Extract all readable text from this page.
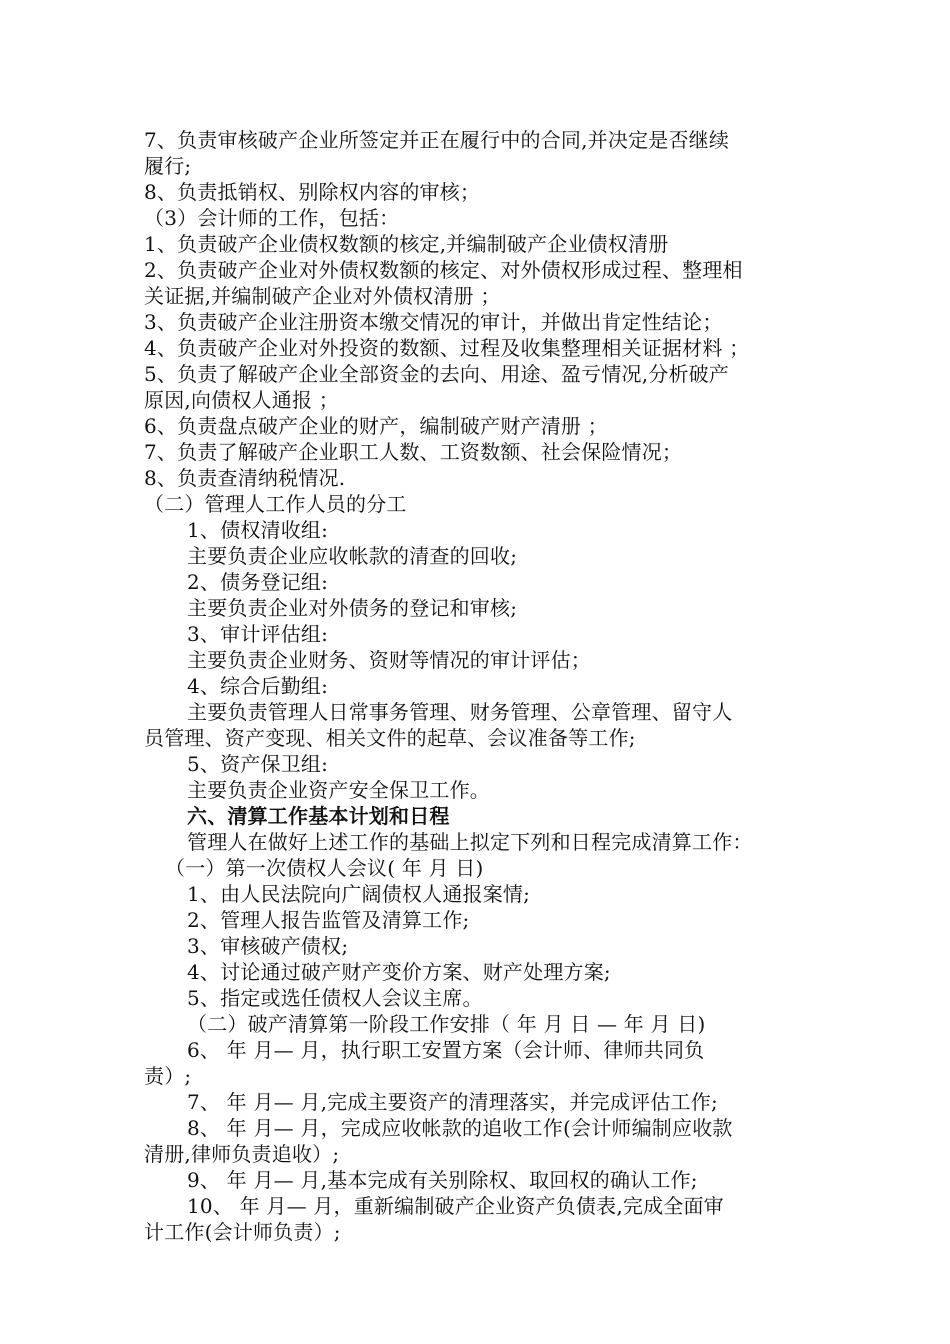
7、负责审核破产企业所签定并正在履行中的合同,并决定是否继续
履行;
8、负责抵销权、别除权内容的审核；
（3）会计师的工作，包括：
1、负责破产企业债权数额的核定,并编制破产企业债权清册
2、负责破产企业对外债权数额的核定、对外债权形成过程、整理相
关证据,并编制破产企业对外债权清册 ；
3、负责破产企业注册资本缴交情况的审计，并做出肯定性结论；
4、负责破产企业对外投资的数额、过程及收集整理相关证据材料 ；
5、负责了解破产企业全部资金的去向、用途、盈亏情况,分析破产
原因,向债权人通报 ；
6、负责盘点破产企业的财产，编制破产财产清册 ；
7、负责了解破产企业职工人数、工资数额、社会保险情况；
8、负责查清纳税情况.
（二）管理人工作人员的分工
1、债权清收组:
主要负责企业应收帐款的清查的回收;
2、债务登记组:
主要负责企业对外债务的登记和审核;
3、审计评估组:
主要负责企业财务、资财等情况的审计评估；
4、综合后勤组:
主要负责管理人日常事务管理、财务管理、公章管理、留守人
员管理、资产变现、相关文件的起草、会议准备等工作;
5、资产保卫组:
主要负责企业资产安全保卫工作。
六、清算工作基本计划和日程
管理人在做好上述工作的基础上拟定下列和日程完成清算工作：
（一）第一次债权人会议( 年 月 日)
1、由人民法院向广阔债权人通报案情;
2、管理人报告监管及清算工作;
3、审核破产债权;
4、讨论通过破产财产变价方案、财产处理方案;
5、指定或选任债权人会议主席。
（二）破产清算第一阶段工作安排（ 年 月 日 — 年 月 日)
6、 年 月— 月，执行职工安置方案（会计师、律师共同负
责）;
7、 年 月— 月,完成主要资产的清理落实，并完成评估工作;
8、 年 月— 月，完成应收帐款的追收工作(会计师编制应收款
清册,律师负责追收）;
9、 年 月— 月,基本完成有关别除权、取回权的确认工作;
10、 年 月— 月，重新编制破产企业资产负债表,完成全面审
计工作(会计师负责）;
